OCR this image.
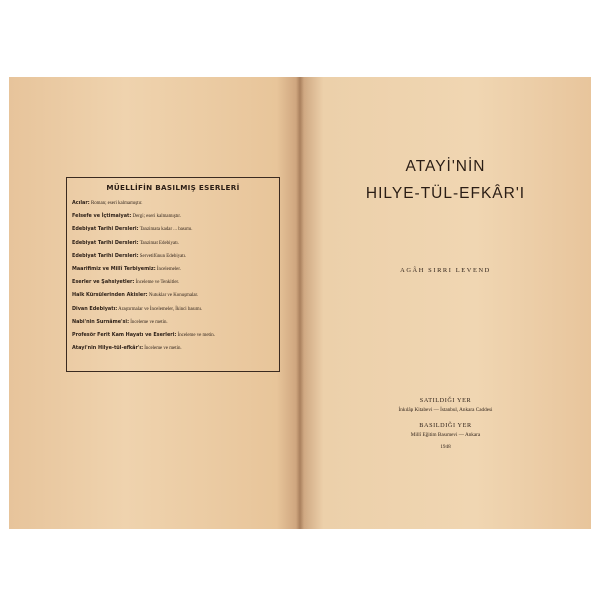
MÜELLİFİN BASILMIŞ ESERLERİ
Acılar: Roman; eseri kalmamıştır.
Felsefe ve İçtimaiyat: Dergi; eseri kalmamıştır.
Edebiyat Tarihi Dersleri: Tanzimata kadar ... basımı.
Edebiyat Tarihi Dersleri: Tanzimat Edebiyatı.
Edebiyat Tarihi Dersleri: Servetifünun Edebiyatı.
Maarifimiz ve Millî Terbiyemiz: İncelemeler.
Eserler ve Şahsiyetler: İnceleme ve Tenkitler.
Halk Kürsülerinden Akisler: Nutuklar ve Konuşmalar.
Divan Edebiyatı: Araştırmalar ve İncelemeler, İkinci basımı.
Nabi'nin Surnâme'si: İnceleme ve metin.
Profesör Ferit Kam Hayatı ve Eserleri: İnceleme ve metin.
Atayi'nin Hilye-tül-efkâr'ı: İnceleme ve metin.
ATAYİ'NİN
HILYE-TÜL-EFKÂR'I
AGÂH SIRRI LEVEND
SATILDIĞI YER
İnkılâp Kitabevi — İstanbul, Ankara Caddesi
BASILDIĞI YER
Millî Eğitim Basımevi — Ankara
1948
